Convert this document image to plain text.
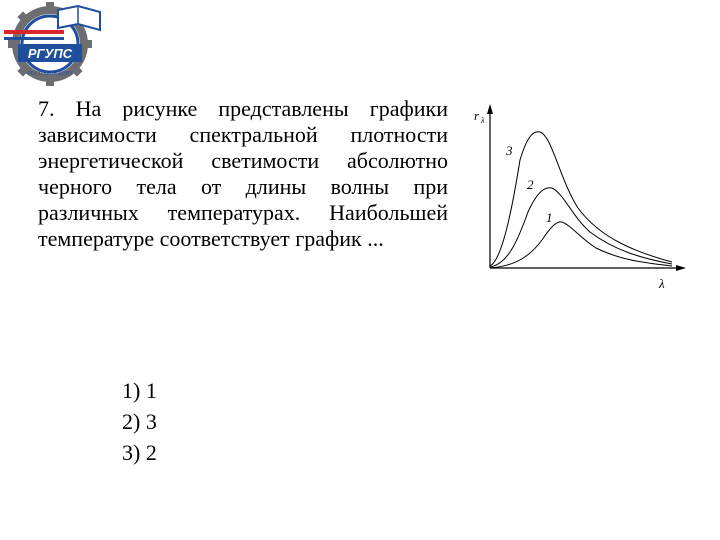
РГУПС
РОСТОВ-НА-ДОНУ
7. На рисунке представлены графики зависимости спектральной плотности энергетической светимости абсолютно черного тела от длины волны при различных температурах. Наибольшей температуре соответствует график ...
1) 1
2) 3
3) 2
r λ
λ
3
2
1
